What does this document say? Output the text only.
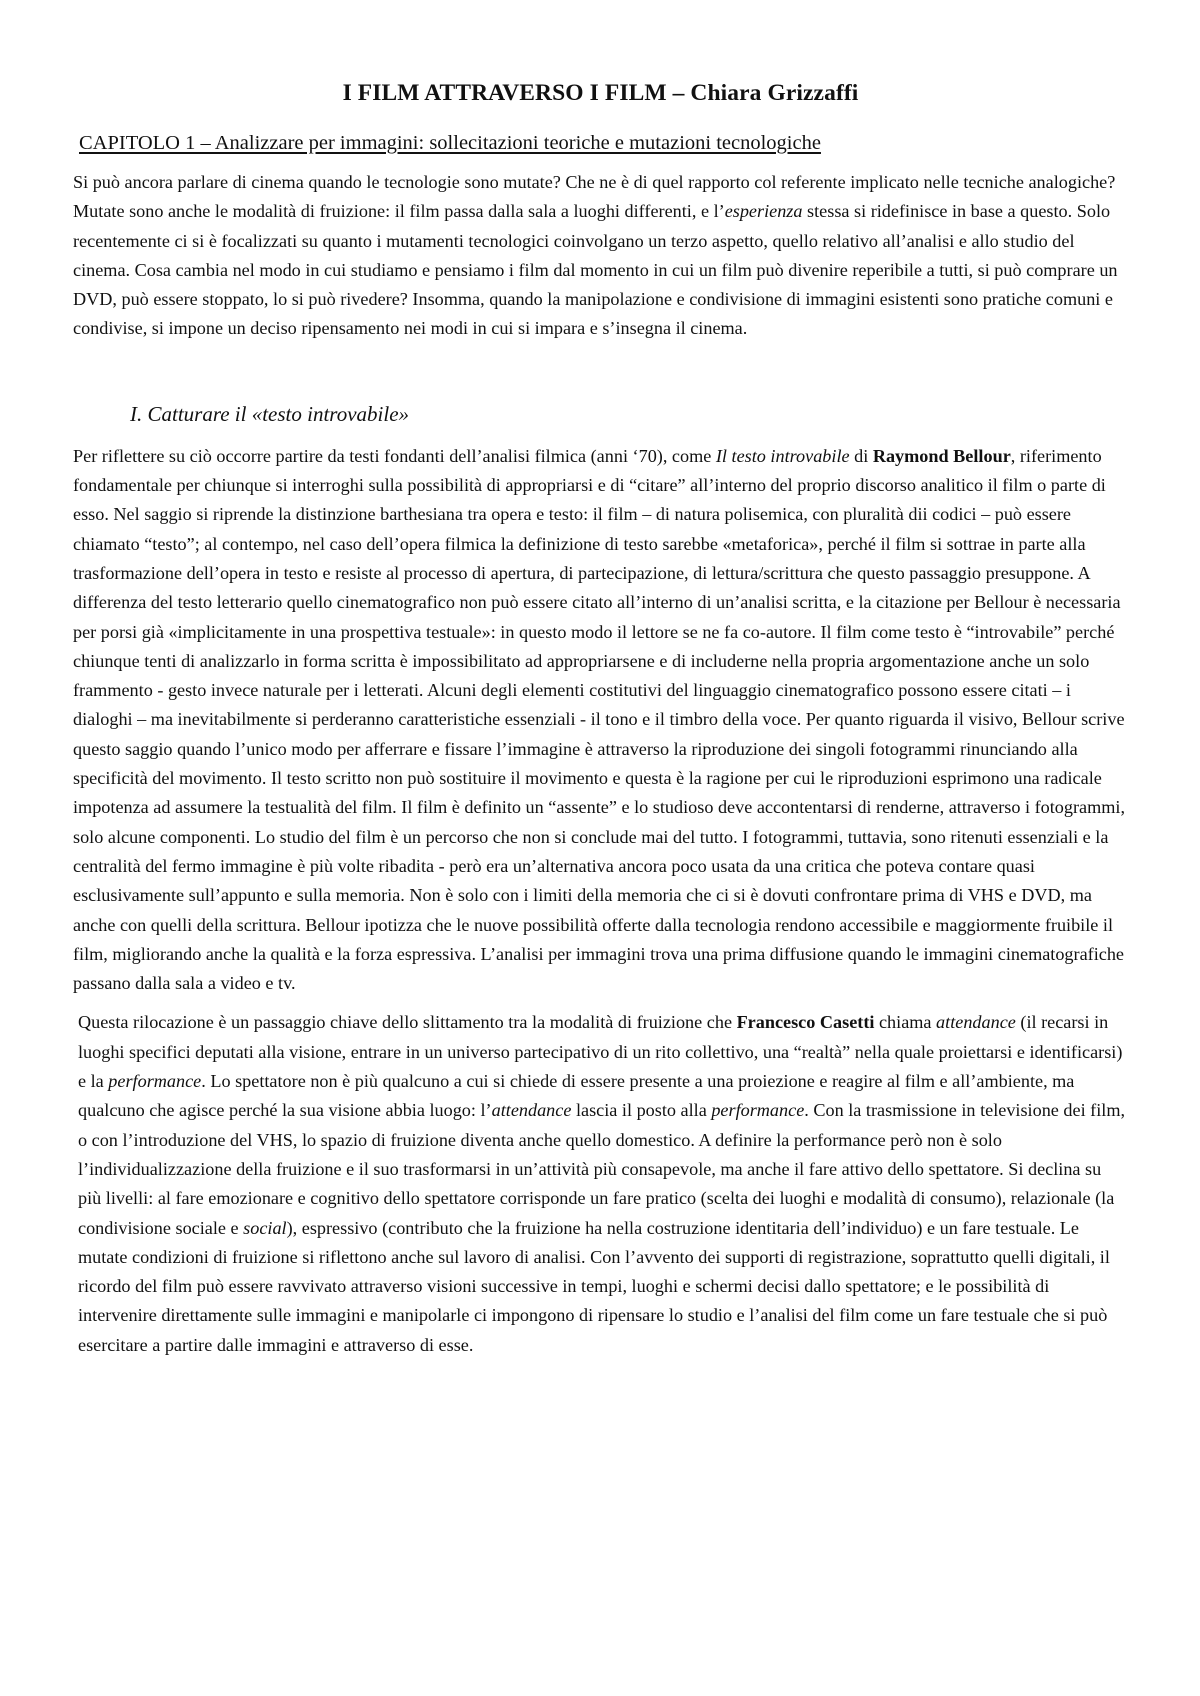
I FILM ATTRAVERSO I FILM – Chiara Grizzaffi
CAPITOLO 1 – Analizzare per immagini: sollecitazioni teoriche e mutazioni tecnologiche

Si può ancora parlare di cinema quando le tecnologie sono mutate? Che ne è di quel rapporto col referente implicato nelle tecniche analogiche? Mutate sono anche le modalità di fruizione: il film passa dalla sala a luoghi differenti, e l’esperienza stessa si ridefinisce in base a questo. Solo recentemente ci si è focalizzati su quanto i mutamenti tecnologici coinvolgano un terzo aspetto, quello relativo all’analisi e allo studio del cinema. Cosa cambia nel modo in cui studiamo e pensiamo i film dal momento in cui un film può divenire reperibile a tutti, si può comprare un DVD, può essere stoppato, lo si può rivedere? Insomma, quando la manipolazione e condivisione di immagini esistenti sono pratiche comuni e condivise, si impone un deciso ripensamento nei modi in cui si impara e s’insegna il cinema.

I. Catturare il «testo introvabile»

Per riflettere su ciò occorre partire da testi fondanti dell’analisi filmica (anni ‘70), come Il testo introvabile di Raymond Bellour, riferimento fondamentale per chiunque si interroghi sulla possibilità di appropriarsi e di “citare” all’interno del proprio discorso analitico il film o parte di esso. Nel saggio si riprende la distinzione barthesiana tra opera e testo: il film – di natura polisemica, con pluralità dii codici – può essere chiamato “testo”; al contempo, nel caso dell’opera filmica la definizione di testo sarebbe «metaforica», perché il film si sottrae in parte alla trasformazione dell’opera in testo e resiste al processo di apertura, di partecipazione, di lettura/scrittura che questo passaggio presuppone. A differenza del testo letterario quello cinematografico non può essere citato all’interno di un’analisi scritta, e la citazione per Bellour è necessaria per porsi già «implicitamente in una prospettiva testuale»: in questo modo il lettore se ne fa co-autore. Il film come testo è “introvabile” perché chiunque tenti di analizzarlo in forma scritta è impossibilitato ad appropriarsene e di includerne nella propria argomentazione anche un solo frammento - gesto invece naturale per i letterati. Alcuni degli elementi costitutivi del linguaggio cinematografico possono essere citati – i dialoghi – ma inevitabilmente si perderanno caratteristiche essenziali - il tono e il timbro della voce. Per quanto riguarda il visivo, Bellour scrive questo saggio quando l’unico modo per afferrare e fissare l’immagine è attraverso la riproduzione dei singoli fotogrammi rinunciando alla specificità del movimento. Il testo scritto non può sostituire il movimento e questa è la ragione per cui le riproduzioni esprimono una radicale impotenza ad assumere la testualità del film. Il film è definito un “assente” e lo studioso deve accontentarsi di renderne, attraverso i fotogrammi, solo alcune componenti. Lo studio del film è un percorso che non si conclude mai del tutto. I fotogrammi, tuttavia, sono ritenuti essenziali e la centralità del fermo immagine è più volte ribadita - però era un’alternativa ancora poco usata da una critica che poteva contare quasi esclusivamente sull’appunto e sulla memoria. Non è solo con i limiti della memoria che ci si è dovuti confrontare prima di VHS e DVD, ma anche con quelli della scrittura. Bellour ipotizza che le nuove possibilità offerte dalla tecnologia rendono accessibile e maggiormente fruibile il film, migliorando anche la qualità e la forza espressiva. L’analisi per immagini trova una prima diffusione quando le immagini cinematografiche passano dalla sala a video e tv.

Questa rilocazione è un passaggio chiave dello slittamento tra la modalità di fruizione che Francesco Casetti chiama attendance (il recarsi in luoghi specifici deputati alla visione, entrare in un universo partecipativo di un rito collettivo, una “realtà” nella quale proiettarsi e identificarsi) e la performance. Lo spettatore non è più qualcuno a cui si chiede di essere presente a una proiezione e reagire al film e all’ambiente, ma qualcuno che agisce perché la sua visione abbia luogo: l’attendance lascia il posto alla performance. Con la trasmissione in televisione dei film, o con l’introduzione del VHS, lo spazio di fruizione diventa anche quello domestico. A definire la performance però non è solo l’individualizzazione della fruizione e il suo trasformarsi in un’attività più consapevole, ma anche il fare attivo dello spettatore. Si declina su più livelli: al fare emozionare e cognitivo dello spettatore corrisponde un fare pratico (scelta dei luoghi e modalità di consumo), relazionale (la condivisione sociale e social), espressivo (contributo che la fruizione ha nella costruzione identitaria dell’individuo) e un fare testuale. Le mutate condizioni di fruizione si riflettono anche sul lavoro di analisi. Con l’avvento dei supporti di registrazione, soprattutto quelli digitali, il ricordo del film può essere ravvivato attraverso visioni successive in tempi, luoghi e schermi decisi dallo spettatore; e le possibilità di intervenire direttamente sulle immagini e manipolarle ci impongono di ripensare lo studio e l’analisi del film come un fare testuale che si può esercitare a partire dalle immagini e attraverso di esse.
